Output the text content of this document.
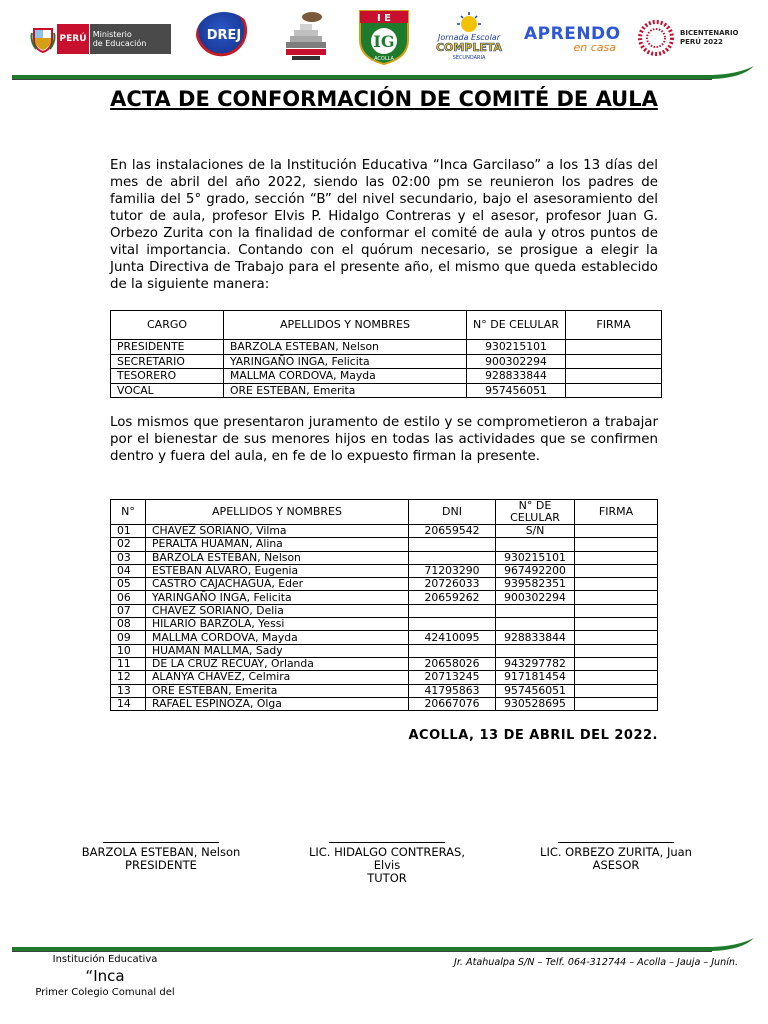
PERÚ Ministerio
de Educación
DREJ
I E
IG
ACOLLA
Jornada Escolar
COMPLETA
SECUNDARIA
APRENDO
en casa
BICENTENARIO
PERÚ 2022
ACTA DE CONFORMACIÓN DE COMITÉ DE AULA
En las instalaciones de la Institución Educativa “Inca Garcilaso” a los 13 días del mes de abril del año 2022, siendo las 02:00 pm se reunieron los padres de familia del 5° grado, sección “B” del nivel secundario, bajo el asesoramiento del tutor de aula, profesor Elvis P. Hidalgo Contreras y el asesor, profesor Juan G. Orbezo Zurita con la finalidad de conformar el comité de aula y otros puntos de vital importancia. Contando con el quórum necesario, se prosigue a elegir la Junta Directiva de Trabajo para el presente año, el mismo que queda establecido de la siguiente manera:
CARGO	APELLIDOS Y NOMBRES	N° DE CELULAR	FIRMA
PRESIDENTE	BARZOLA ESTEBAN, Nelson	930215101	
SECRETARIO	YARINGAÑO INGA, Felicita	900302294	
TESORERO	MALLMA CORDOVA, Mayda	928833844	
VOCAL	ORE ESTEBAN, Emerita	957456051	
Los mismos que presentaron juramento de estilo y se comprometieron a trabajar por el bienestar de sus menores hijos en todas las actividades que se confirmen dentro y fuera del aula, en fe de lo expuesto firman la presente.
N°	APELLIDOS Y NOMBRES	DNI	N° DE CELULAR	FIRMA
01	CHAVEZ SORIANO, Vilma	20659542	S/N	
02	PERALTA HUAMAN, Alina			
03	BARZOLA ESTEBAN, Nelson		930215101	
04	ESTEBAN ALVARO, Eugenia	71203290	967492200	
05	CASTRO CAJACHAGUA, Eder	20726033	939582351	
06	YARINGAÑO INGA, Felicita	20659262	900302294	
07	CHAVEZ SORIANO, Delia			
08	HILARIO BARZOLA, Yessi			
09	MALLMA CORDOVA, Mayda	42410095	928833844	
10	HUAMAN MALLMA, Sady			
11	DE LA CRUZ RECUAY, Orlanda	20658026	943297782	
12	ALANYA CHAVEZ, Celmira	20713245	917181454	
13	ORE ESTEBAN, Emerita	41795863	957456051	
14	RAFAEL ESPINOZA, Olga	20667076	930528695	
ACOLLA, 13 DE ABRIL DEL 2022.
BARZOLA ESTEBAN, Nelson
PRESIDENTE
LIC. HIDALGO CONTRERAS, Elvis
TUTOR
LIC. ORBEZO ZURITA, Juan
ASESOR
Institución Educativa
“Inca
Primer Colegio Comunal del
Jr. Atahualpa S/N – Telf. 064-312744 – Acolla – Jauja – Junín.
